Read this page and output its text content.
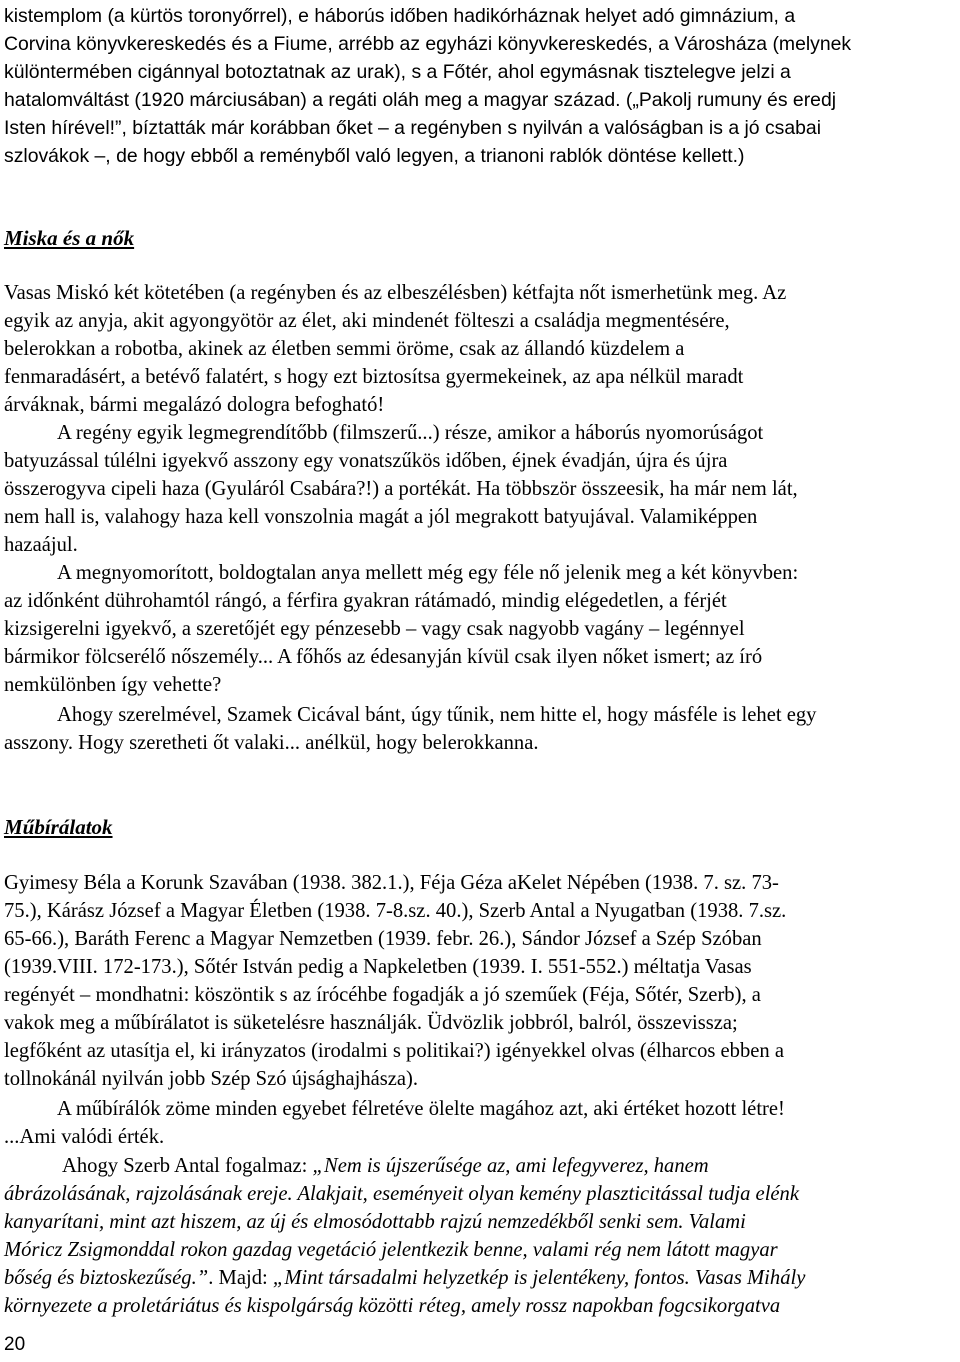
kistemplom (a kürtös toronyőrrel), e háborús időben hadikórháznak helyet adó gimnázium, a
Corvina könyvkereskedés és a Fiume, arrébb az egyházi könyvkereskedés, a Városháza (melynek
különtermében cigánnyal botoztatnak az urak), s a Főtér, ahol egymásnak tisztelegve jelzi a
hatalomváltást (1920 márciusában) a regáti oláh meg a magyar század. („Pakolj rumuny és eredj
Isten hírével!”, bíztatták már korábban őket – a regényben s nyilván a valóságban is a jó csabai
szlovákok –, de hogy ebből a reményből való legyen, a trianoni rablók döntése kellett.)
Miska és a nők
Vasas Miskó két kötetében (a regényben és az elbeszélésben) kétfajta nőt ismerhetünk meg. Az
egyik az anyja, akit agyongyötör az élet, aki mindenét fölteszi a családja megmentésére,
belerokkan a robotba, akinek az életben semmi öröme, csak az állandó küzdelem a
fenmaradásért, a betévő falatért, s hogy ezt biztosítsa gyermekeinek, az apa nélkül maradt
árváknak, bármi megalázó dologra befogható!
A regény egyik legmegrendítőbb (filmszerű...) része, amikor a háborús nyomorúságot
batyuzással túlélni igyekvő asszony egy vonatszűkös időben, éjnek évadján, újra és újra
összerogyva cipeli haza (Gyuláról Csabára?!) a portékát. Ha többször összeesik, ha már nem lát,
nem hall is, valahogy haza kell vonszolnia magát a jól megrakott batyujával. Valamiképpen
hazaájul.
A megnyomorított, boldogtalan anya mellett még egy féle nő jelenik meg a két könyvben:
az időnként dührohamtól rángó, a férfira gyakran rátámadó, mindig elégedetlen, a férjét
kizsigerelni igyekvő, a szeretőjét egy pénzesebb – vagy csak nagyobb vagány – legénnyel
bármikor fölcserélő nőszemély... A főhős az édesanyján kívül csak ilyen nőket ismert; az író
nemkülönben így vehette?
Ahogy szerelmével, Szamek Cicával bánt, úgy tűnik, nem hitte el, hogy másféle is lehet egy
asszony. Hogy szeretheti őt valaki... anélkül, hogy belerokkanna.
Műbírálatok
Gyimesy Béla a Korunk Szavában (1938. 382.1.), Féja Géza aKelet Népében (1938. 7. sz. 73-
75.), Kárász József a Magyar Életben (1938. 7-8.sz. 40.), Szerb Antal a Nyugatban (1938. 7.sz.
65-66.), Baráth Ferenc a Magyar Nemzetben (1939. febr. 26.), Sándor József a Szép Szóban
(1939.VIII. 172-173.), Sőtér István pedig a Napkeletben (1939. I. 551-552.) méltatja Vasas
regényét – mondhatni: köszöntik s az írócéhbe fogadják a jó szeműek (Féja, Sőtér, Szerb), a
vakok meg a műbírálatot is süketelésre használják. Üdvözlik jobbról, balról, összevissza;
legfőként az utasítja el, ki irányzatos (irodalmi s politikai?) igényekkel olvas (élharcos ebben a
tollnokánál nyilván jobb Szép Szó újsághajhásza).
A műbírálók zöme minden egyebet félretéve ölelte magához azt, aki értéket hozott létre!
...Ami valódi érték.
Ahogy Szerb Antal fogalmaz: „Nem is újszerűsége az, ami lefegyverez, hanem
ábrázolásának, rajzolásának ereje. Alakjait, eseményeit olyan kemény plaszticitással tudja elénk
kanyarítani, mint azt hiszem, az új és elmosódottabb rajzú nemzedékből senki sem. Valami
Móricz Zsigmonddal rokon gazdag vegetáció jelentkezik benne, valami rég nem látott magyar
bőség és biztoskezűség.”. Majd: „Mint társadalmi helyzetkép is jelentékeny, fontos. Vasas Mihály
környezete a proletáriátus és kispolgárság közötti réteg, amely rossz napokban fogcsikorgatva
20
